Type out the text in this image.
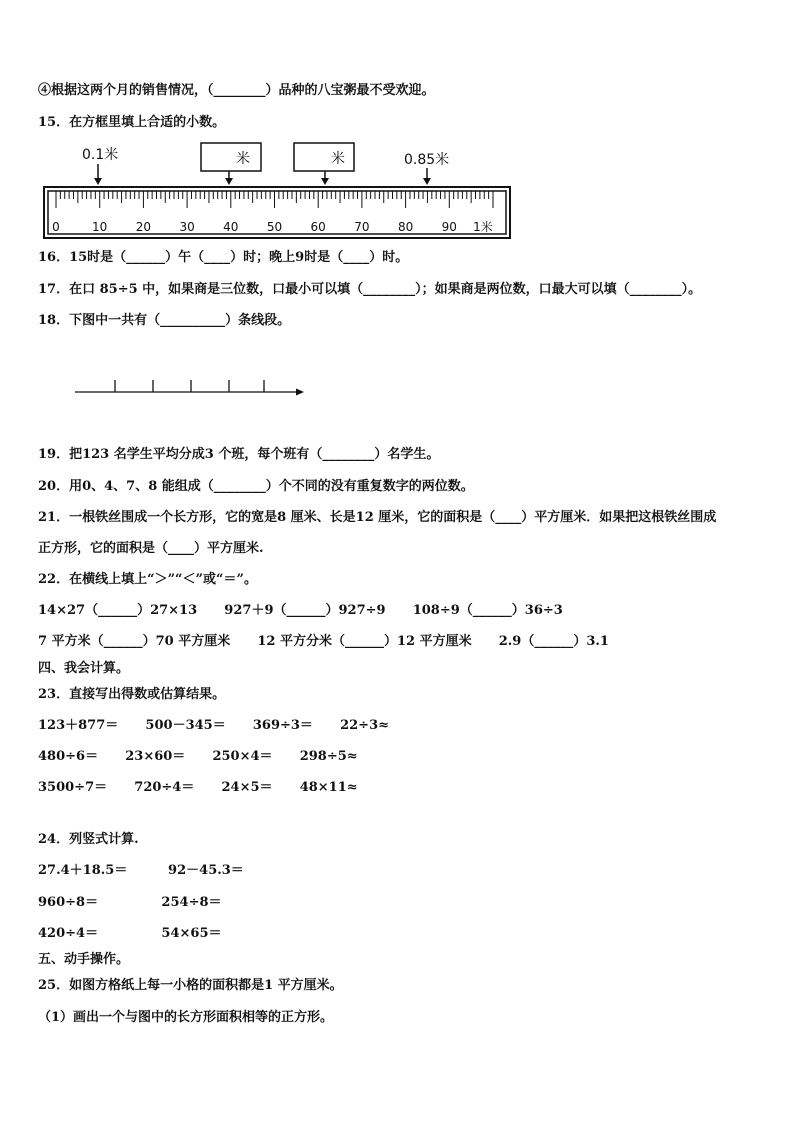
④根据这两个月的销售情况，（________）品种的八宝粥最不受欢迎。
15．在方框里填上合适的小数。
0.1米	米	米	0.85米
0	10 20 30 40 50 60 70 80 90 1米
16．15时是（______）午（____）时；晚上9时是（____）时。
17．在口 85÷5 中，如果商是三位数，口最小可以填（________）；如果商是两位数，口最大可以填（________）。
18．下图中一共有（__________）条线段。
19．把123 名学生平均分成3 个班，每个班有（________）名学生。
20．用0、4、7、8 能组成（________）个不同的没有重复数字的两位数。
21．一根铁丝围成一个长方形，它的宽是8 厘米、长是12 厘米，它的面积是（____）平方厘米．如果把这根铁丝围成
正方形，它的面积是（____）平方厘米.
22．在横线上填上“＞”“＜”或“＝”。
14×27（______）27×13      927＋9（______）927÷9      108÷9（______）36÷3
7 平方米（______）70 平方厘米      12 平方分米（______）12 平方厘米      2.9（______）3.1
四、我会计算。
23．直接写出得数或估算结果。
123＋877＝      500－345＝      369÷3＝      22÷3≈
480÷6＝      23×60＝      250×4＝      298÷5≈
3500÷7＝      720÷4＝      24×5＝      48×11≈
24．列竖式计算.
27.4＋18.5＝         92－45.3＝
960÷8＝              254÷8＝
420÷4＝              54×65＝
五、动手操作。
25．如图方格纸上每一小格的面积都是1 平方厘米。
（1）画出一个与图中的长方形面积相等的正方形。
